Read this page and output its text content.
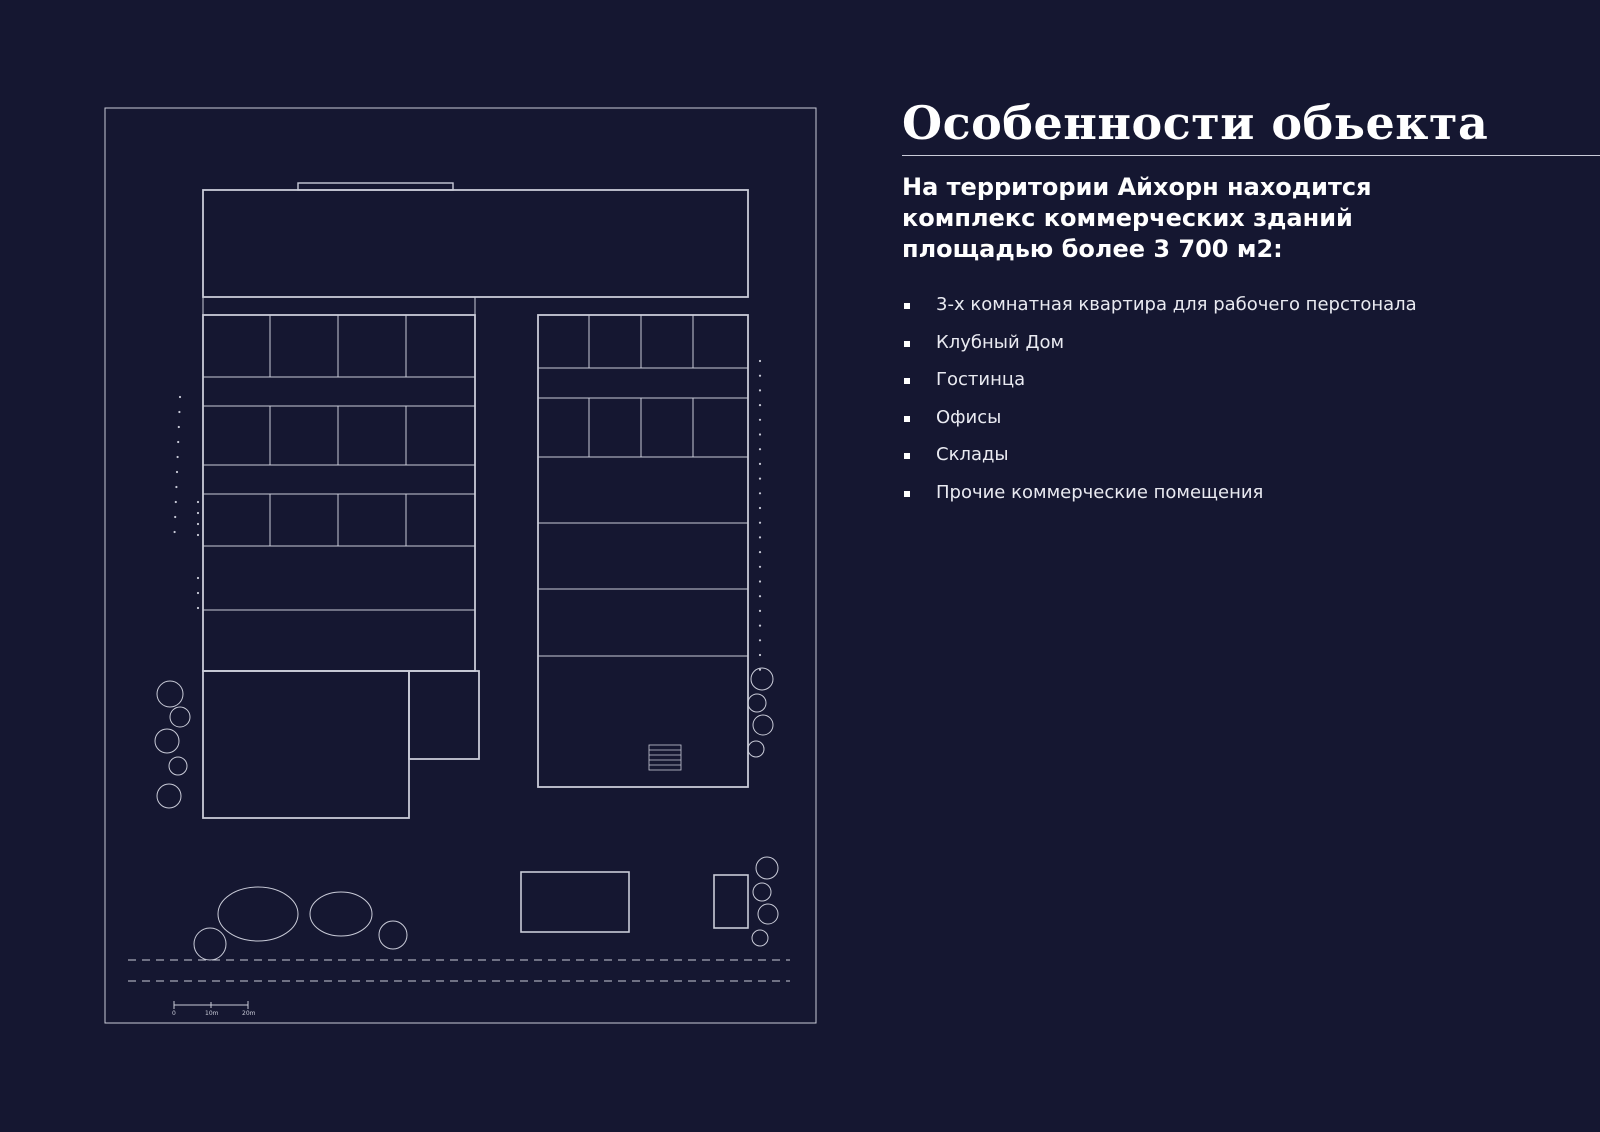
0	10m	20m
Особенности обьекта

На территории Айхорн находится комплекс коммерческих зданий площадью более 3 700 м2:

3-х комнатная квартира для рабочего перстонала
Клубный Дом
Гостинца
Офисы
Склады
Прочие коммерческие помещения
